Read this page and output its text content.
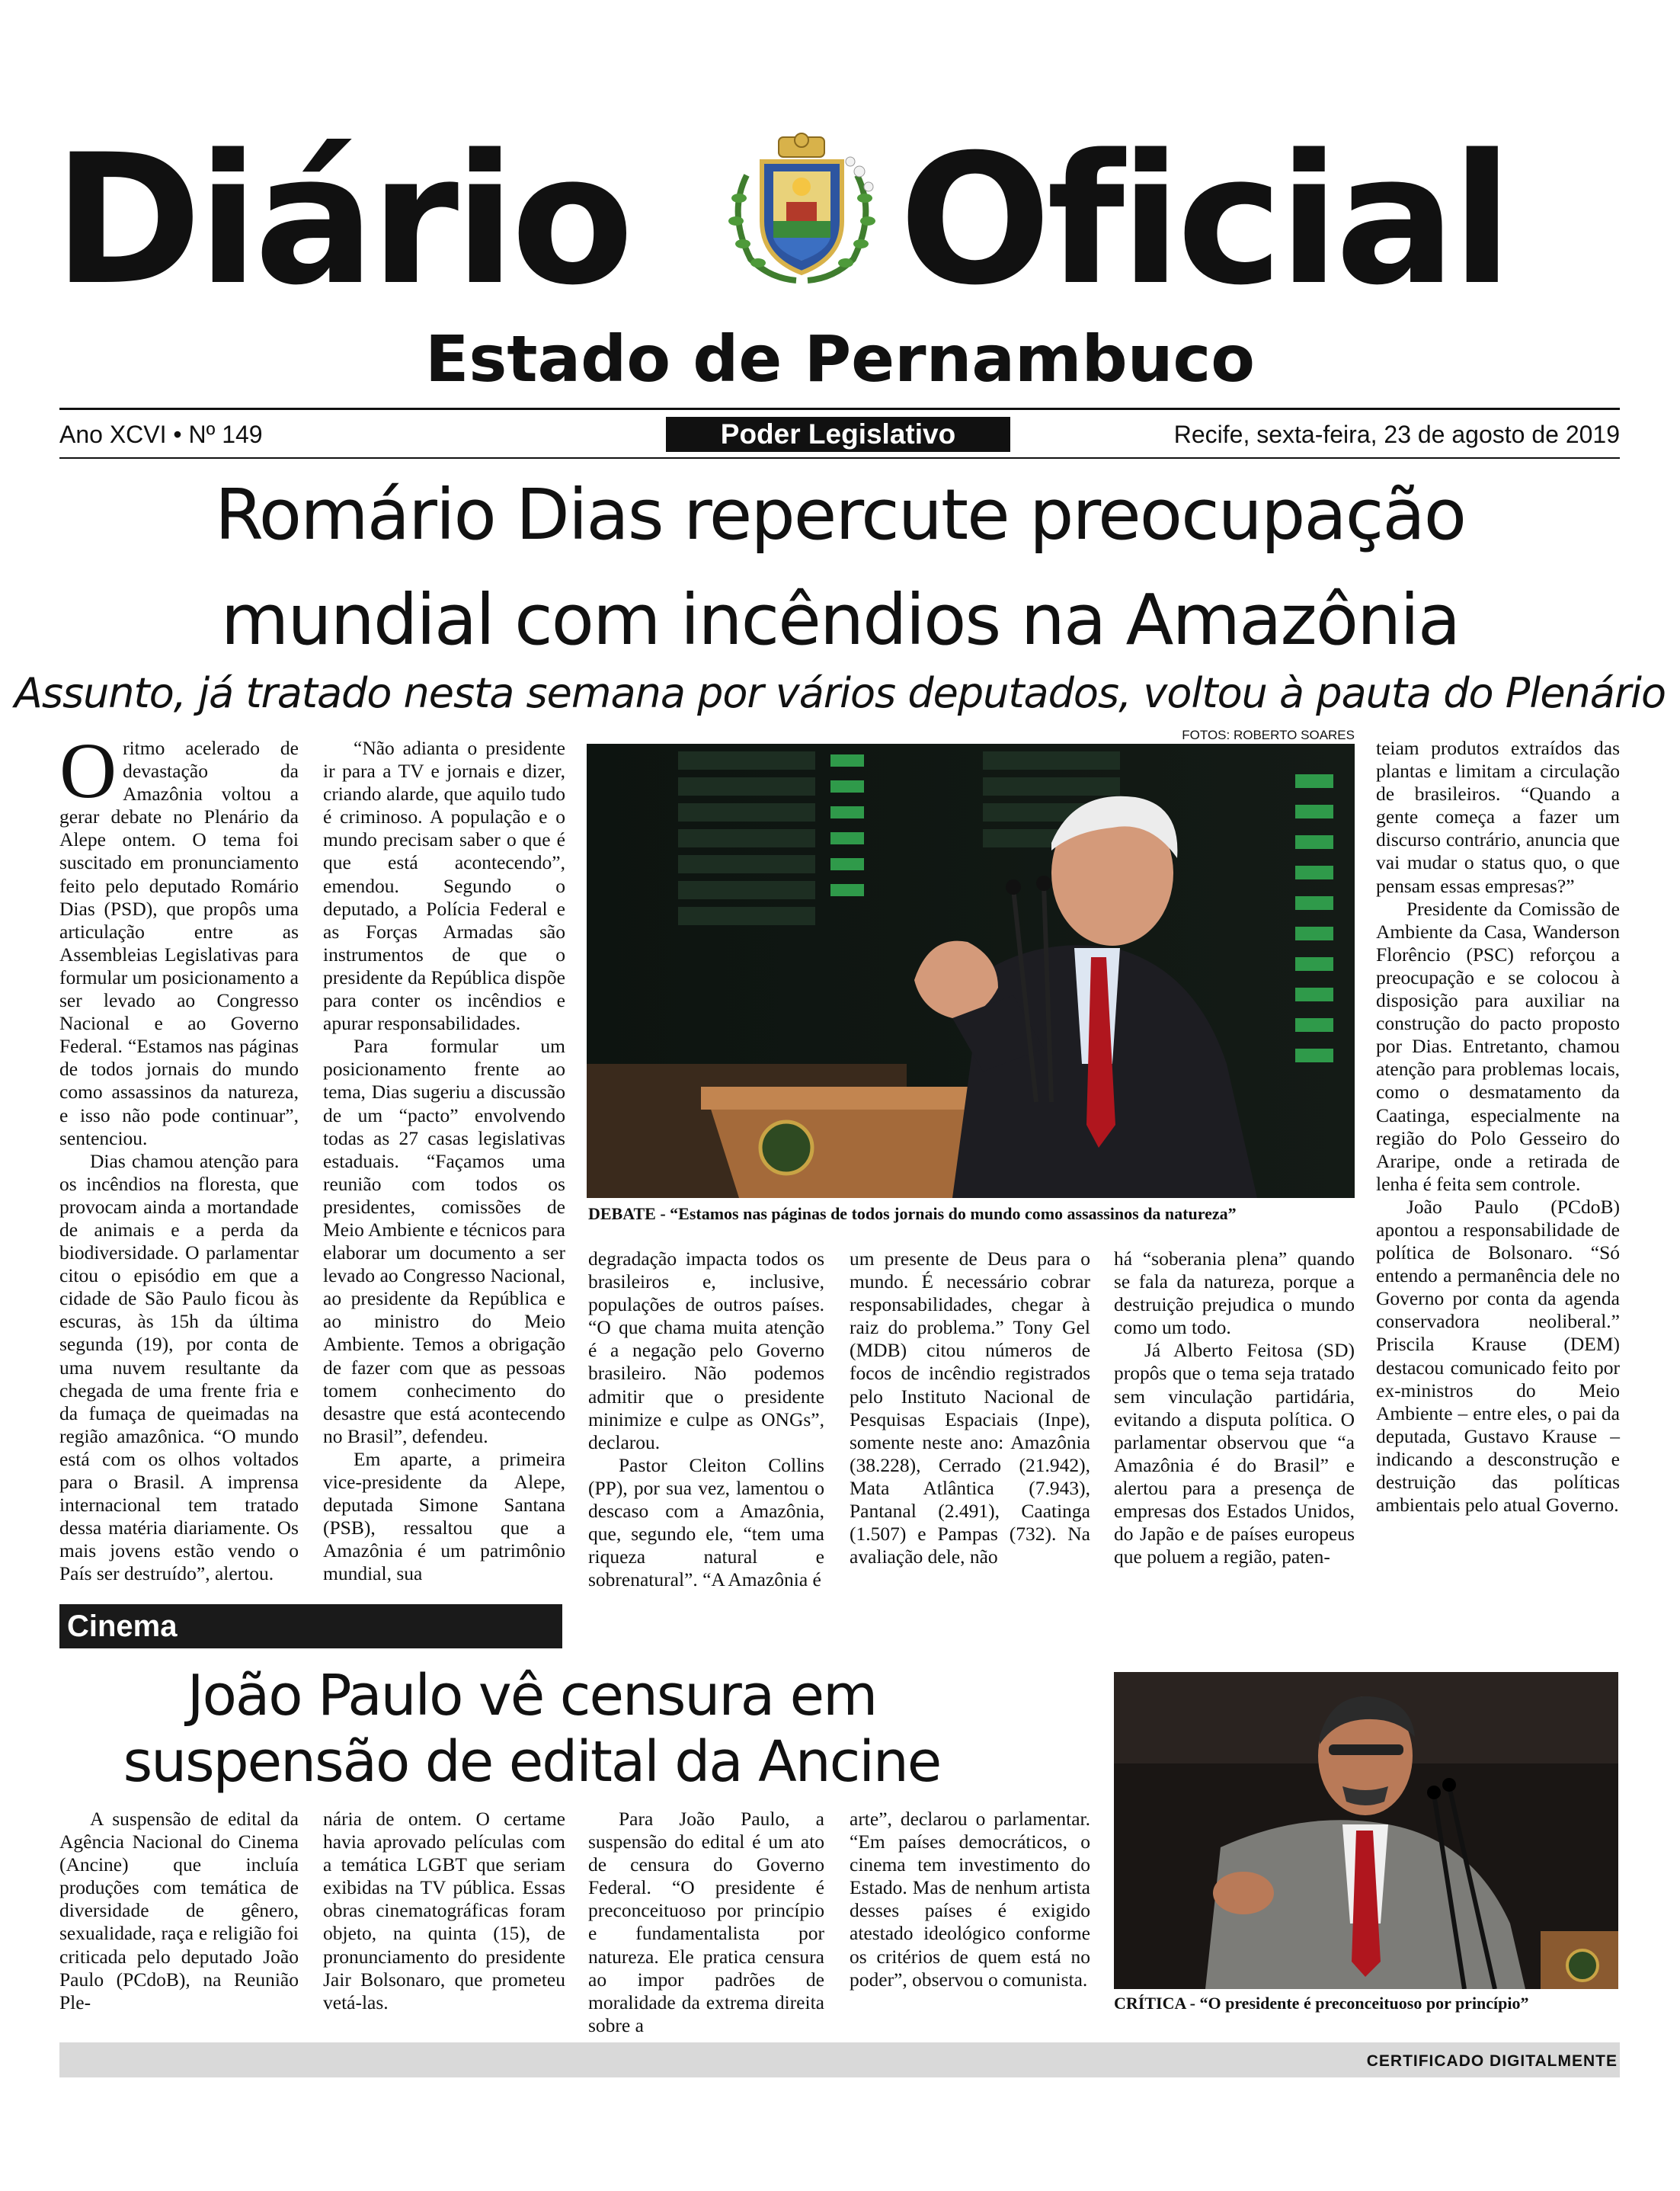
Diário Oficial
Estado de Pernambuco
Ano XCVI • Nº 149	Poder Legislativo	Recife, sexta-feira, 23 de agosto de 2019
Romário Dias repercute preocupação
mundial com incêndios na Amazônia
Assunto, já tratado nesta semana por vários deputados, voltou à pauta do Plenário

Oritmo acelerado de devastação da Amazônia voltou a gerar debate no Plenário da Alepe ontem. O tema foi suscitado em pronunciamento feito pelo deputado Romário Dias (PSD), que propôs uma articulação entre as Assembleias Legislativas para formular um posicionamento a ser levado ao Congresso Nacional e ao Governo Federal. “Estamos nas páginas de todos jornais do mundo como assassinos da natureza, e isso não pode continuar”, sentenciou.

Dias chamou atenção para os incêndios na floresta, que provocam ainda a mortandade de animais e a perda da biodiversidade. O parlamentar citou o episódio em que a cidade de São Paulo ficou às escuras, às 15h da última segunda (19), por conta de uma nuvem resultante da chegada de uma frente fria e da fumaça de queimadas na região amazônica. “O mundo está com os olhos voltados para o Brasil. A imprensa internacional tem tratado dessa matéria diariamente. Os mais jovens estão vendo o País ser destruído”, alertou.

“Não adianta o presidente ir para a TV e jornais e dizer, criando alarde, que aquilo tudo é criminoso. A população e o mundo precisam saber o que é que está acontecendo”, emendou. Segundo o deputado, a Polícia Federal e as Forças Armadas são instrumentos de que o presidente da República dispõe para conter os incêndios e apurar responsabilidades.

Para formular um posicionamento frente ao tema, Dias sugeriu a discussão de um “pacto” envolvendo todas as 27 casas legislativas estaduais. “Façamos uma reunião com todos os presidentes, comissões de Meio Ambiente e técnicos para elaborar um documento a ser levado ao Congresso Nacional, ao presidente da República e ao ministro do Meio Ambiente. Temos a obrigação de fazer com que as pessoas tomem conhecimento do desastre que está acontecendo no Brasil”, defendeu.

Em aparte, a primeira vice-presidente da Alepe, deputada Simone Santana (PSB), ressaltou que a Amazônia é um patrimônio mundial, sua

FOTOS: ROBERTO SOARES
DEBATE - “Estamos nas páginas de todos jornais do mundo como assassinos da natureza”

degradação impacta todos os brasileiros e, inclusive, populações de outros países. “O que chama muita atenção é a negação pelo Governo brasileiro. Não podemos admitir que o presidente minimize e culpe as ONGs”, declarou.

Pastor Cleiton Collins (PP), por sua vez, lamentou o descaso com a Amazônia, que, segundo ele, “tem uma riqueza natural e sobrenatural”. “A Amazônia é

um presente de Deus para o mundo. É necessário cobrar responsabilidades, chegar à raiz do problema.” Tony Gel (MDB) citou números de focos de incêndio registrados pelo Instituto Nacional de Pesquisas Espaciais (Inpe), somente neste ano: Amazônia (38.228), Cerrado (21.942), Mata Atlântica (7.943), Pantanal (2.491), Caatinga (1.507) e Pampas (732). Na avaliação dele, não

há “soberania plena” quando se fala da natureza, porque a destruição prejudica o mundo como um todo.

Já Alberto Feitosa (SD) propôs que o tema seja tratado sem vinculação partidária, evitando a disputa política. O parlamentar observou que “a Amazônia é do Brasil” e alertou para a presença de empresas dos Estados Unidos, do Japão e de países europeus que poluem a região, paten-

teiam produtos extraídos das plantas e limitam a circulação de brasileiros. “Quando a gente começa a fazer um discurso contrário, anuncia que vai mudar o status quo, o que pensam essas empresas?”

Presidente da Comissão de Ambiente da Casa, Wanderson Florêncio (PSC) reforçou a preocupação e se colocou à disposição para auxiliar na construção do pacto proposto por Dias. Entretanto, chamou atenção para problemas locais, como o desmatamento da Caatinga, especialmente na região do Polo Gesseiro do Araripe, onde a retirada de lenha é feita sem controle.

João Paulo (PCdoB) apontou a responsabilidade de política de Bolsonaro. “Só entendo a permanência dele no Governo por conta da agenda conservadora neoliberal.” Priscila Krause (DEM) destacou comunicado feito por ex-ministros do Meio Ambiente – entre eles, o pai da deputada, Gustavo Krause – indicando a desconstrução e destruição das políticas ambientais pelo atual Governo.

Cinema
João Paulo vê censura em
suspensão de edital da Ancine

A suspensão de edital da Agência Nacional do Cinema (Ancine) que incluía produções com temática de diversidade de gênero, sexualidade, raça e religião foi criticada pelo deputado João Paulo (PCdoB), na Reunião Ple-

nária de ontem. O certame havia aprovado películas com a temática LGBT que seriam exibidas na TV pública. Essas obras cinematográficas foram objeto, na quinta (15), de pronunciamento do presidente Jair Bolsonaro, que prometeu vetá-las.

Para João Paulo, a suspensão do edital é um ato de censura do Governo Federal. “O presidente é preconceituoso por princípio e fundamentalista por natureza. Ele pratica censura ao impor padrões de moralidade da extrema direita sobre a

arte”, declarou o parlamentar. “Em países democráticos, o cinema tem investimento do Estado. Mas de nenhum artista desses países é exigido atestado ideológico conforme os critérios de quem está no poder”, observou o comunista.

CRÍTICA - “O presidente é preconceituoso por princípio”
CERTIFICADO DIGITALMENTE
